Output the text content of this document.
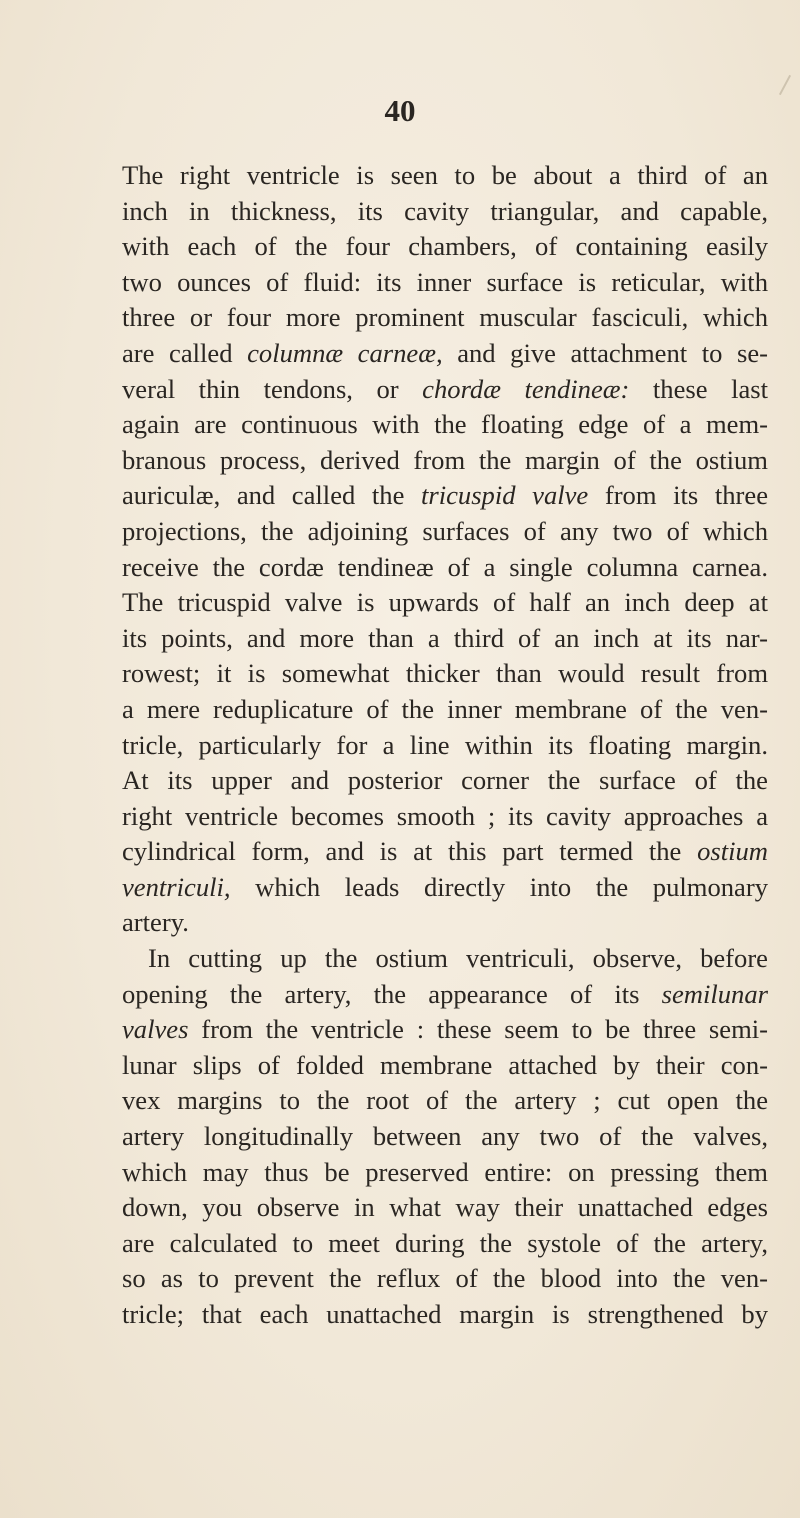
40
The right ventricle is seen to be about a third of an
inch in thickness, its cavity triangular, and capable,
with each of the four chambers, of containing easily
two ounces of fluid: its inner surface is reticular, with
three or four more prominent muscular fasciculi, which
are called columnæ carneæ, and give attachment to se-
veral thin tendons, or chordæ tendineæ: these last
again are continuous with the floating edge of a mem-
branous process, derived from the margin of the ostium
auriculæ, and called the tricuspid valve from its three
projections, the adjoining surfaces of any two of which
receive the cordæ tendineæ of a single columna carnea.
The tricuspid valve is upwards of half an inch deep at
its points, and more than a third of an inch at its nar-
rowest; it is somewhat thicker than would result from
a mere reduplicature of the inner membrane of the ven-
tricle, particularly for a line within its floating margin.
At its upper and posterior corner the surface of the
right ventricle becomes smooth ; its cavity approaches a
cylindrical form, and is at this part termed the ostium
ventriculi, which leads directly into the pulmonary
artery.
In cutting up the ostium ventriculi, observe, before
opening the artery, the appearance of its semilunar
valves from the ventricle : these seem to be three semi-
lunar slips of folded membrane attached by their con-
vex margins to the root of the artery ; cut open the
artery longitudinally between any two of the valves,
which may thus be preserved entire: on pressing them
down, you observe in what way their unattached edges
are calculated to meet during the systole of the artery,
so as to prevent the reflux of the blood into the ven-
tricle; that each unattached margin is strengthened by
